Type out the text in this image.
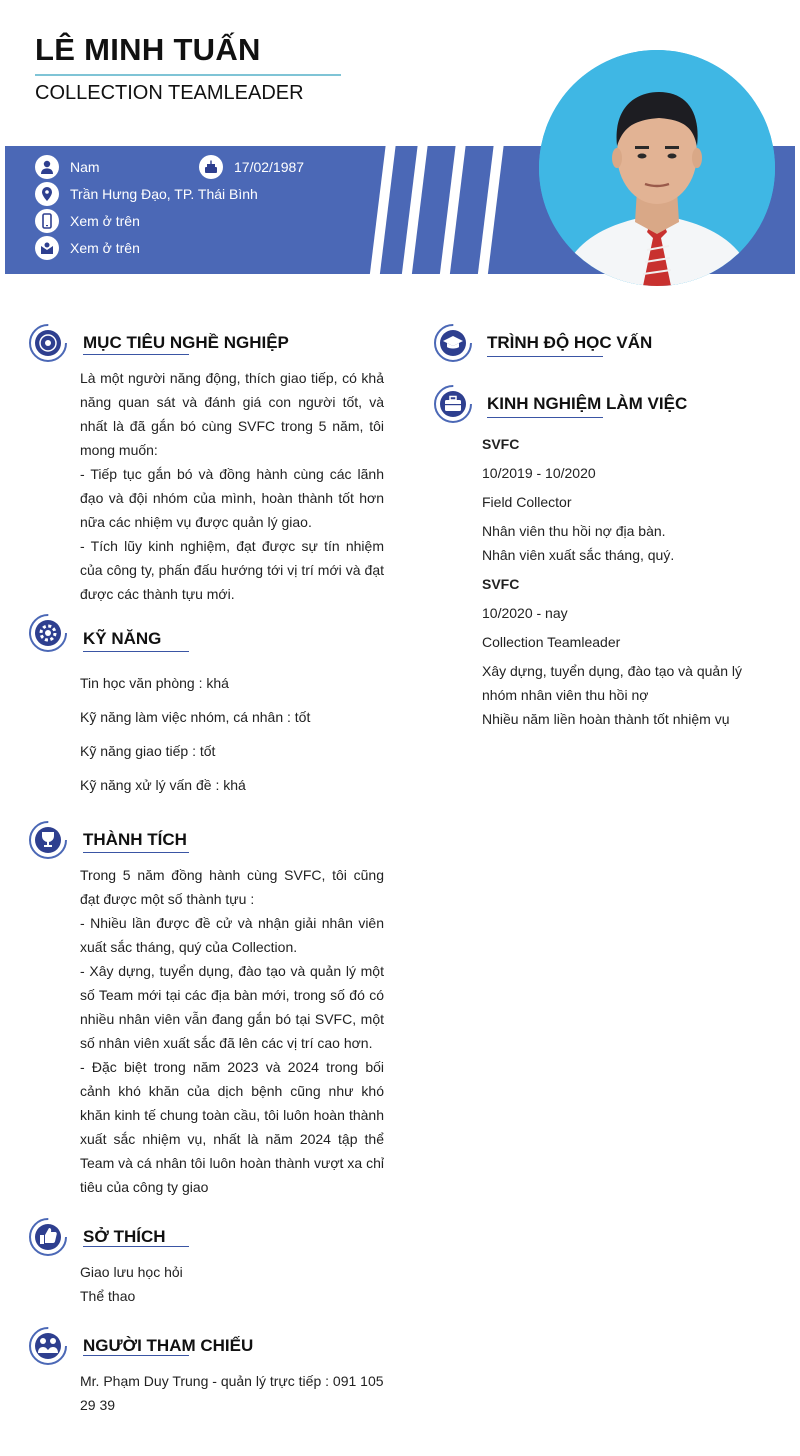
LÊ MINH TUẤN
COLLECTION TEAMLEADER
Nam	17/02/1987
Trần Hưng Đạo, TP. Thái Bình
Xem ở trên
Xem ở trên
MỤC TIÊU NGHỀ NGHIỆP

Là một người năng động, thích giao tiếp, có khả năng quan sát và đánh giá con người tốt, và nhất là đã gắn bó cùng SVFC trong 5 năm, tôi mong muốn:

- Tiếp tục gắn bó và đồng hành cùng các lãnh đạo và đội nhóm của mình, hoàn thành tốt hơn nữa các nhiệm vụ được quản lý giao.

- Tích lũy kinh nghiệm, đạt được sự tín nhiệm của công ty, phấn đấu hướng tới vị trí mới và đạt được các thành tựu mới.

KỸ NĂNG
Tin học văn phòng : khá
Kỹ năng làm việc nhóm, cá nhân : tốt
Kỹ năng giao tiếp : tốt
Kỹ năng xử lý vấn đề : khá
THÀNH TÍCH

Trong 5 năm đồng hành cùng SVFC, tôi cũng đạt được một số thành tựu :

- Nhiều lần được đề cử và nhận giải nhân viên xuất sắc tháng, quý của Collection.

- Xây dựng, tuyển dụng, đào tạo và quản lý một số Team mới tại các địa bàn mới, trong số đó có nhiều nhân viên vẫn đang gắn bó tại SVFC, một số nhân viên xuất sắc đã lên các vị trí cao hơn.

- Đặc biệt trong năm 2023 và 2024 trong bối cảnh khó khăn của dịch bệnh cũng như khó khăn kinh tế chung toàn cầu, tôi luôn hoàn thành xuất sắc nhiệm vụ, nhất là năm 2024 tập thể Team và cá nhân tôi luôn hoàn thành vượt xa chỉ tiêu của công ty giao

SỞ THÍCH
Giao lưu học hỏi
Thể thao
NGƯỜI THAM CHIẾU

Mr. Phạm Duy Trung - quản lý trực tiếp : 091 105 29 39

TRÌNH ĐỘ HỌC VẤN
KINH NGHIỆM LÀM VIỆC
SVFC
10/2019 - 10/2020
Field Collector
Nhân viên thu hồi nợ địa bàn.
Nhân viên xuất sắc tháng, quý.
SVFC
10/2020 - nay
Collection Teamleader

Xây dựng, tuyển dụng, đào tạo và quản lý nhóm nhân viên thu hồi nợ

Nhiều năm liền hoàn thành tốt nhiệm vụ
